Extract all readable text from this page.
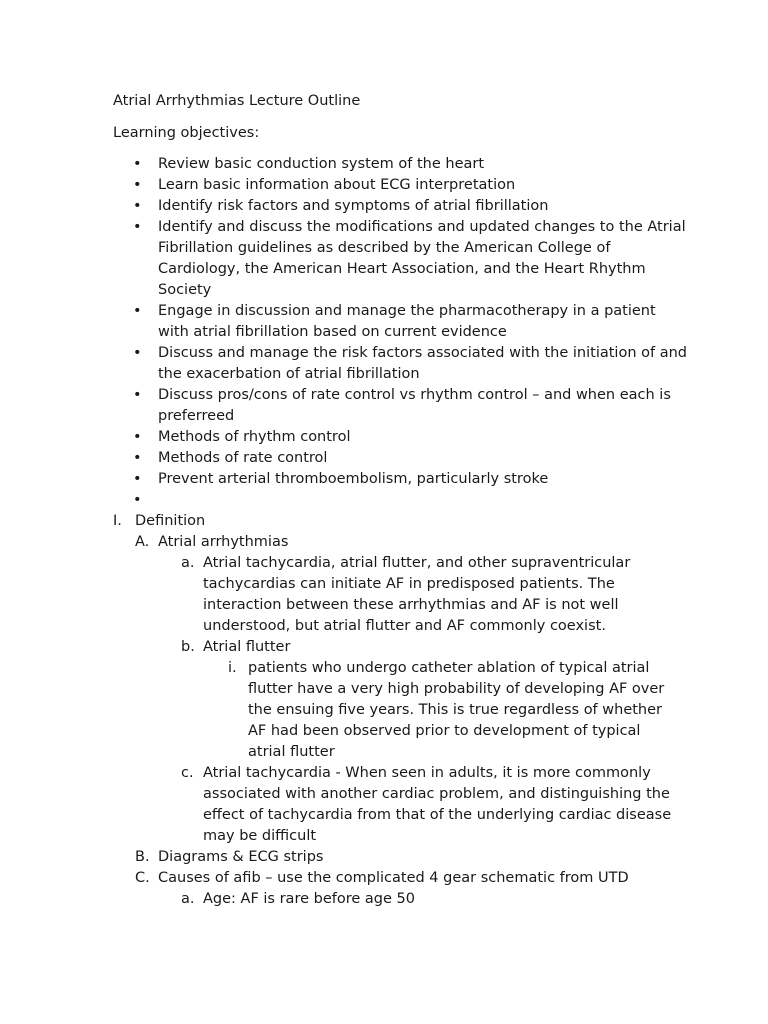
Atrial Arrhythmias Lecture Outline
Learning objectives:
• Review basic conduction system of the heart
• Learn basic information about ECG interpretation
• Identify risk factors and symptoms of atrial fibrillation
• Identify and discuss the modifications and updated changes to the Atrial Fibrillation guidelines as described by the American College of Cardiology, the American Heart Association, and the Heart Rhythm Society
• Engage in discussion and manage the pharmacotherapy in a patient with atrial fibrillation based on current evidence
• Discuss and manage the risk factors associated with the initiation of and the exacerbation of atrial fibrillation
• Discuss pros/cons of rate control vs rhythm control – and when each is preferreed
• Methods of rhythm control
• Methods of rate control
• Prevent arterial thromboembolism, particularly stroke
•
I. Definition
A. Atrial arrhythmias
a. Atrial tachycardia, atrial flutter, and other supraventricular tachycardias can initiate AF in predisposed patients. The interaction between these arrhythmias and AF is not well understood, but atrial flutter and AF commonly coexist.
b. Atrial flutter
i. patients who undergo catheter ablation of typical atrial flutter have a very high probability of developing AF over the ensuing five years. This is true regardless of whether AF had been observed prior to development of typical atrial flutter
c. Atrial tachycardia - When seen in adults, it is more commonly associated with another cardiac problem, and distinguishing the effect of tachycardia from that of the underlying cardiac disease may be difficult
B. Diagrams & ECG strips
C. Causes of afib – use the complicated 4 gear schematic from UTD
a. Age: AF is rare before age 50
